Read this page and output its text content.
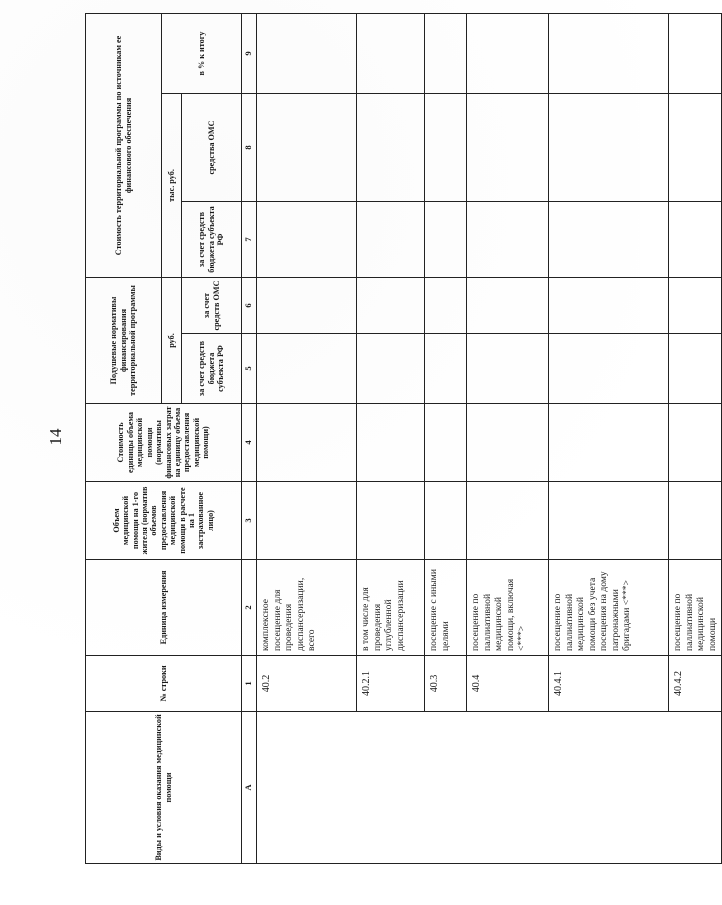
14
Виды и условия оказания медицинской помощи	№ строки	Единица измерения	Объем медицинской помощи на 1-го жителя (норматив объемов предоставления медицинской помощи в расчете на 1 застрахованное лицо)	Стоимость единицы объема медицинской помощи (нормативы финансовых затрат на единицу объема предоставления медицинской помощи)	Подушевые нормативы финансирования территориальной программы		Стоимость территориальной программы по источникам ее финансового обеспечения		
					руб.		тыс. руб.		в % к итогу
					за счет средств бюджета субъекта РФ	за счет средств ОМС	за счет средств бюджета субъекта РФ	средства ОМС	
А	1	2	3	4	5	6	7	8	9
	40.2	комплексное посещение для проведения диспансеризации, всего							
	40.2.1	в том числе для проведения углубленной диспансеризации							
	40.3	посещение с иными целями							
	40.4	посещение по паллиативной медицинской помощи, включая <***>							
	40.4.1	посещение по паллиативной медицинской помощи без учета посещения на дому патронажными бригадами <***>							
	40.4.2	посещение по паллиативной медицинской помощи							
